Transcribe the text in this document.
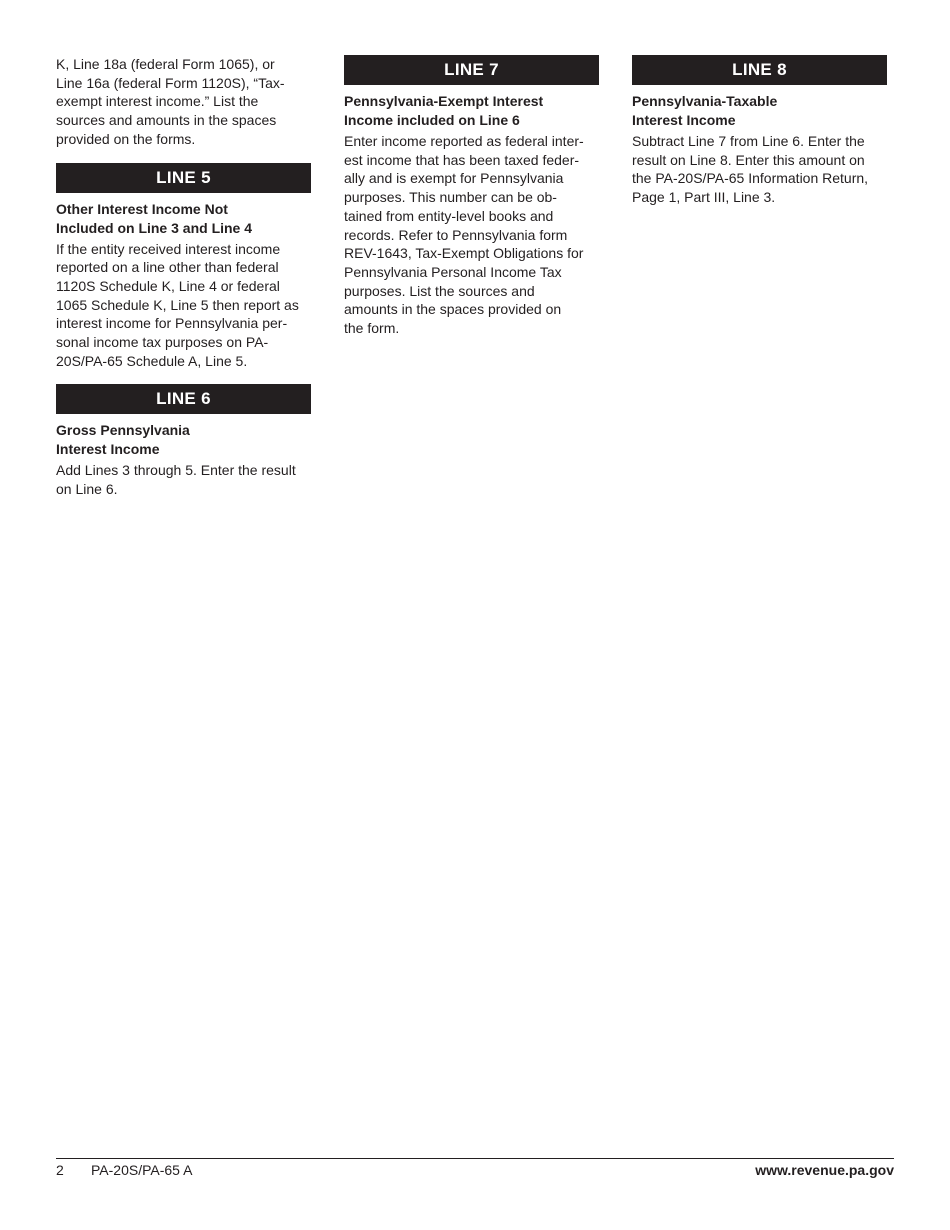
K, Line 18a (federal Form 1065), or
Line 16a (federal Form 1120S), “Tax-
exempt interest income.” List the
sources and amounts in the spaces
provided on the forms.
LINE 5
Other Interest Income Not
Included on Line 3 and Line 4
If the entity received interest income
reported on a line other than federal
1120S Schedule K, Line 4 or federal
1065 Schedule K, Line 5 then report as
interest income for Pennsylvania per-
sonal income tax purposes on PA-
20S/PA-65 Schedule A, Line 5.
LINE 6
Gross Pennsylvania
Interest Income
Add Lines 3 through 5. Enter the result
on Line 6.
LINE 7
Pennsylvania-Exempt Interest
Income included on Line 6
Enter income reported as federal inter-
est income that has been taxed feder-
ally and is exempt for Pennsylvania
purposes. This number can be ob-
tained from entity-level books and
records. Refer to Pennsylvania form
REV-1643, Tax-Exempt Obligations for
Pennsylvania Personal Income Tax
purposes. List the sources and
amounts in the spaces provided on
the form.
LINE 8
Pennsylvania-Taxable
Interest Income
Subtract Line 7 from Line 6. Enter the
result on Line 8. Enter this amount on
the PA-20S/PA-65 Information Return,
Page 1, Part III, Line 3.
2 PA-20S/PA-65 A	www.revenue.pa.gov
